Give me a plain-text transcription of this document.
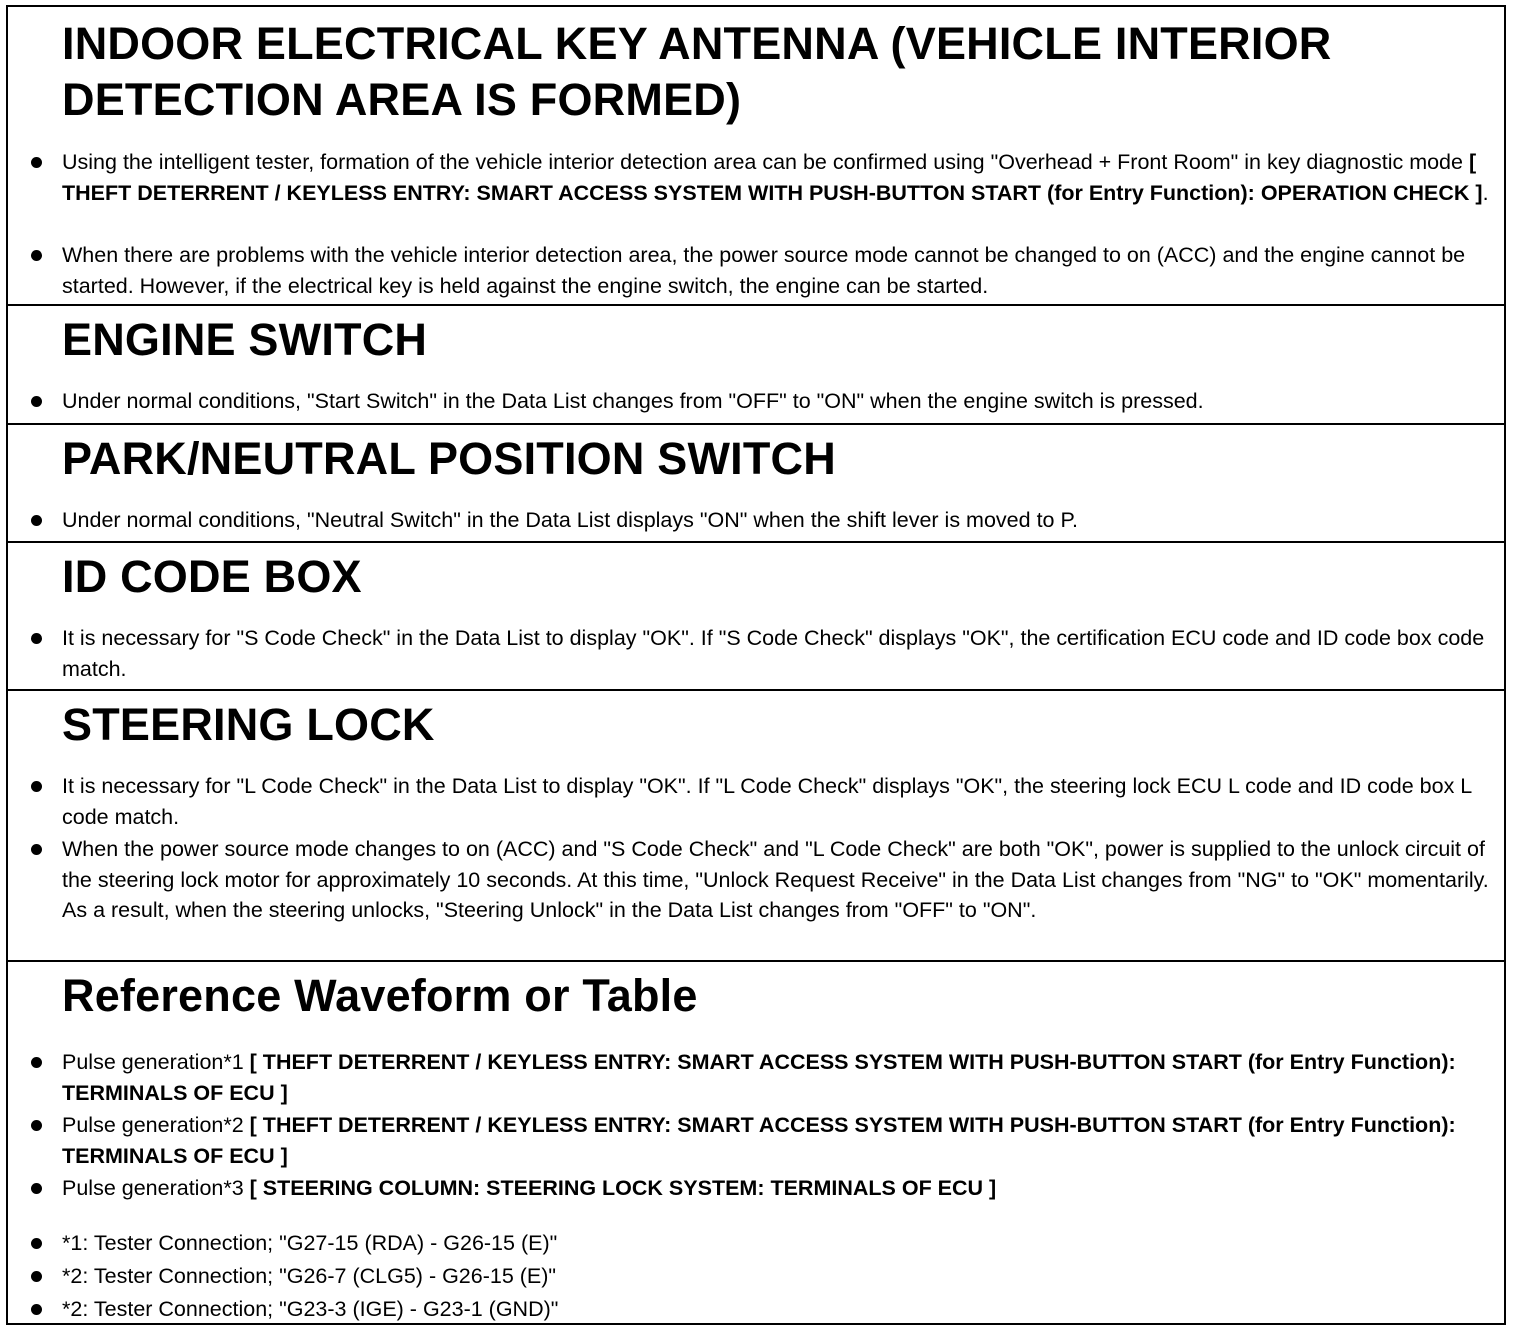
INDOOR ELECTRICAL KEY ANTENNA (VEHICLE INTERIOR
DETECTION AREA IS FORMED)

Using the intelligent tester, formation of the vehicle interior detection area can be confirmed using "Overhead + Front Room" in key diagnostic mode [ THEFT DETERRENT / KEYLESS ENTRY: SMART ACCESS SYSTEM WITH PUSH-BUTTON START (for Entry Function): OPERATION CHECK ].

When there are problems with the vehicle interior detection area, the power source mode cannot be changed to on (ACC) and the engine cannot be started. However, if the electrical key is held against the engine switch, the engine can be started.

ENGINE SWITCH

Under normal conditions, "Start Switch" in the Data List changes from "OFF" to "ON" when the engine switch is pressed.

PARK/NEUTRAL POSITION SWITCH

Under normal conditions, "Neutral Switch" in the Data List displays "ON" when the shift lever is moved to P.

ID CODE BOX

It is necessary for "S Code Check" in the Data List to display "OK". If "S Code Check" displays "OK", the certification ECU code and ID code box code match.

STEERING LOCK

It is necessary for "L Code Check" in the Data List to display "OK". If "L Code Check" displays "OK", the steering lock ECU L code and ID code box L code match.

When the power source mode changes to on (ACC) and "S Code Check" and "L Code Check" are both "OK", power is supplied to the unlock circuit of the steering lock motor for approximately 10 seconds. At this time, "Unlock Request Receive" in the Data List changes from "NG" to "OK" momentarily. As a result, when the steering unlocks, "Steering Unlock" in the Data List changes from "OFF" to "ON".

Reference Waveform or Table

Pulse generation*1 [ THEFT DETERRENT / KEYLESS ENTRY: SMART ACCESS SYSTEM WITH PUSH-BUTTON START (for Entry Function): TERMINALS OF ECU ]

Pulse generation*2 [ THEFT DETERRENT / KEYLESS ENTRY: SMART ACCESS SYSTEM WITH PUSH-BUTTON START (for Entry Function): TERMINALS OF ECU ]

Pulse generation*3 [ STEERING COLUMN: STEERING LOCK SYSTEM: TERMINALS OF ECU ]

*1: Tester Connection; "G27-15 (RDA) - G26-15 (E)"

*2: Tester Connection; "G26-7 (CLG5) - G26-15 (E)"

*2: Tester Connection; "G23-3 (IGE) - G23-1 (GND)"
